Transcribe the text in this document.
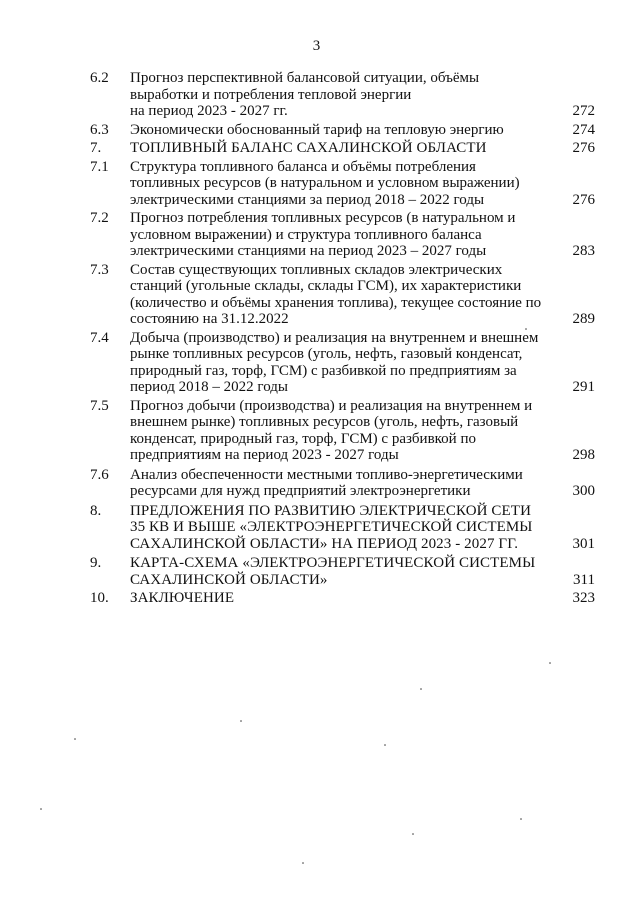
3
6.2	Прогноз перспективной балансовой ситуации, объёмы
выработки и потребления тепловой энергии
на период 2023 - 2027 гг.	272
6.3	Экономически обоснованный тариф на тепловую энергию	274
7.	ТОПЛИВНЫЙ БАЛАНС САХАЛИНСКОЙ ОБЛАСТИ	276
7.1	Структура топливного баланса и объёмы потребления
топливных ресурсов (в натуральном и условном выражении)
электрическими станциями за период 2018 – 2022 годы	276
7.2	Прогноз потребления топливных ресурсов (в натуральном и
условном выражении) и структура топливного баланса
электрическими станциями на период 2023 – 2027 годы	283
7.3	Состав существующих топливных складов электрических
станций (угольные склады, склады ГСМ), их характеристики
(количество и объёмы хранения топлива), текущее состояние по
состоянию на 31.12.2022	289
7.4	Добыча (производство) и реализация на внутреннем и внешнем
рынке топливных ресурсов (уголь, нефть, газовый конденсат,
природный газ, торф, ГСМ) с разбивкой по предприятиям за
период 2018 – 2022 годы	291
7.5	Прогноз добычи (производства) и реализация на внутреннем и
внешнем рынке) топливных ресурсов (уголь, нефть, газовый
конденсат, природный газ, торф, ГСМ) с разбивкой по
предприятиям на период 2023 - 2027 годы	298
7.6	Анализ обеспеченности местными топливо-энергетическими
ресурсами для нужд предприятий электроэнергетики	300
8.	ПРЕДЛОЖЕНИЯ ПО РАЗВИТИЮ ЭЛЕКТРИЧЕСКОЙ СЕТИ
35 КВ И ВЫШЕ «ЭЛЕКТРОЭНЕРГЕТИЧЕСКОЙ СИСТЕМЫ
САХАЛИНСКОЙ ОБЛАСТИ» НА ПЕРИОД 2023 - 2027 ГГ.	301
9.	КАРТА-СХЕМА «ЭЛЕКТРОЭНЕРГЕТИЧЕСКОЙ СИСТЕМЫ
САХАЛИНСКОЙ ОБЛАСТИ»	311
10.	ЗАКЛЮЧЕНИЕ	323
